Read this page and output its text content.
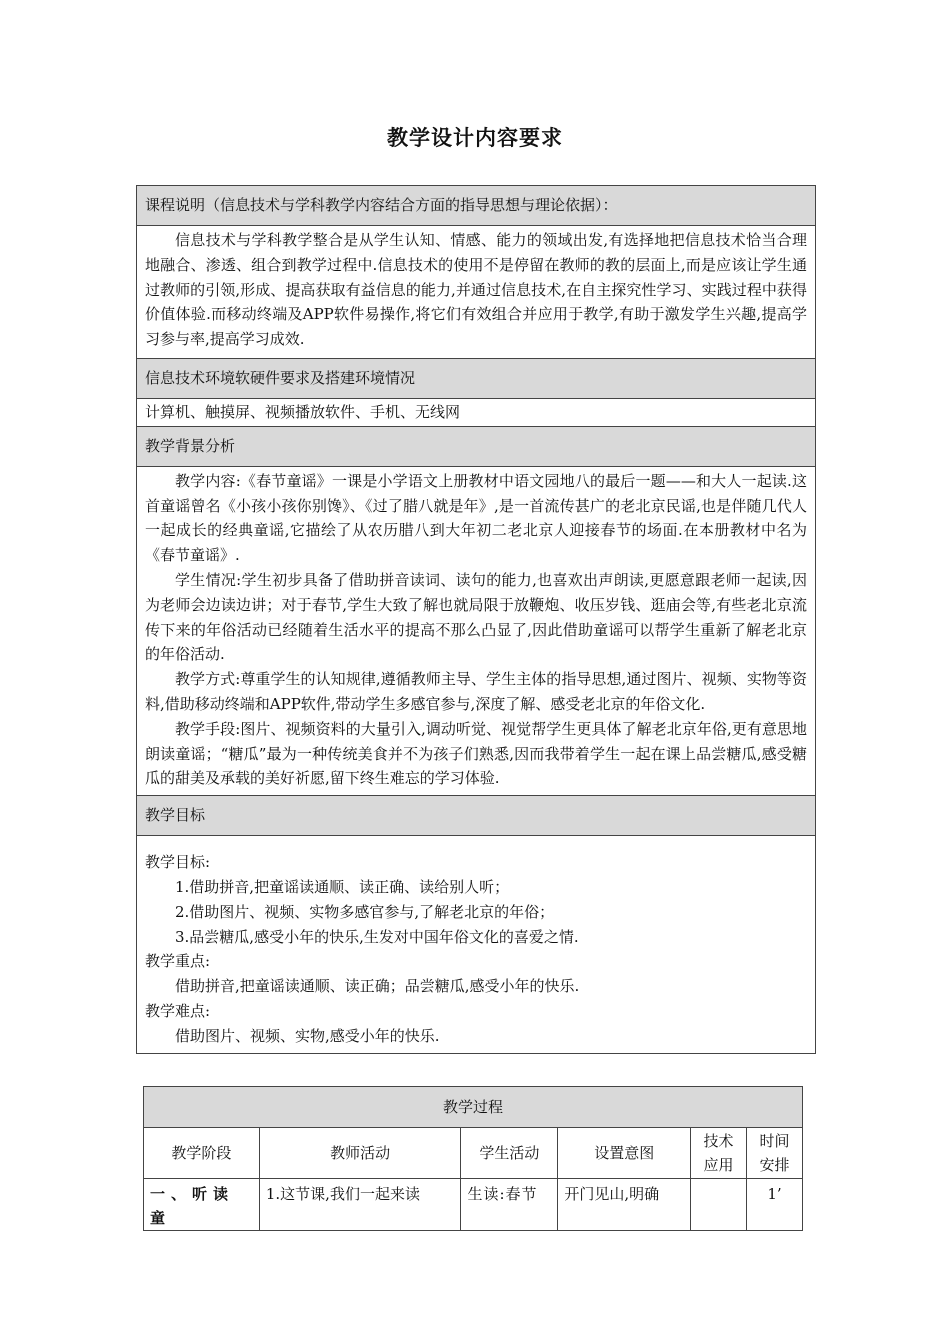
教学设计内容要求
课程说明（信息技术与学科教学内容结合方面的指导思想与理论依据）：

信息技术与学科教学整合是从学生认知、情感、能力的领域出发,有选择地把信息技术恰当合理地融合、渗透、组合到教学过程中.信息技术的使用不是停留在教师的教的层面上,而是应该让学生通过教师的引领,形成、提高获取有益信息的能力,并通过信息技术,在自主探究性学习、实践过程中获得价值体验.而移动终端及APP软件易操作,将它们有效组合并应用于教学,有助于激发学生兴趣,提高学习参与率,提高学习成效.

信息技术环境软硬件要求及搭建环境情况

计算机、触摸屏、视频播放软件、手机、无线网

教学背景分析

教学内容:《春节童谣》一课是小学语文上册教材中语文园地八的最后一题——和大人一起读.这首童谣曾名《小孩小孩你别馋》、《过了腊八就是年》,是一首流传甚广的老北京民谣,也是伴随几代人一起成长的经典童谣,它描绘了从农历腊八到大年初二老北京人迎接春节的场面.在本册教材中名为《春节童谣》.

学生情况:学生初步具备了借助拼音读词、读句的能力,也喜欢出声朗读,更愿意跟老师一起读,因为老师会边读边讲；对于春节,学生大致了解也就局限于放鞭炮、收压岁钱、逛庙会等,有些老北京流传下来的年俗活动已经随着生活水平的提高不那么凸显了,因此借助童谣可以帮学生重新了解老北京的年俗活动.

教学方式:尊重学生的认知规律,遵循教师主导、学生主体的指导思想,通过图片、视频、实物等资料,借助移动终端和APP软件,带动学生多感官参与,深度了解、感受老北京的年俗文化.

教学手段:图片、视频资料的大量引入,调动听觉、视觉帮学生更具体了解老北京年俗,更有意思地朗读童谣；“糖瓜”最为一种传统美食并不为孩子们熟悉,因而我带着学生一起在课上品尝糖瓜,感受糖瓜的甜美及承载的美好祈愿,留下终生难忘的学习体验.

教学目标

教学目标:

1.借助拼音,把童谣读通顺、读正确、读给别人听；

2.借助图片、视频、实物多感官参与,了解老北京的年俗；

3.品尝糖瓜,感受小年的快乐,生发对中国年俗文化的喜爱之情.

教学重点:

借助拼音,把童谣读通顺、读正确；品尝糖瓜,感受小年的快乐.

教学难点:

借助图片、视频、实物,感受小年的快乐.

教学过程					
教学阶段	教师活动	学生活动	设置意图	技术应用	时间安排
一、听读童	1.这节课,我们一起来读	生读:春节	开门见山,明确		1’
